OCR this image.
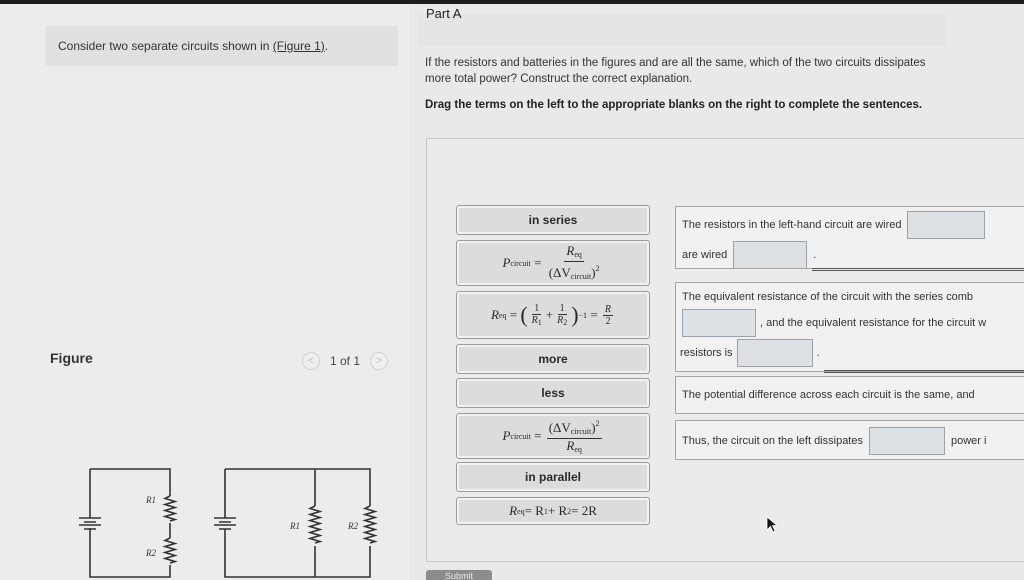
Consider two separate circuits shown in (Figure 1).
Figure	<	1 of 1	>
R1
R2
R1	R2
Part A
If the resistors and batteries in the figures and are all the same, which of the two circuits dissipates more total power? Construct the correct explanation.
Drag the terms on the left to the appropriate blanks on the right to complete the sentences.
in series
P circuit = $\frac{R_{eq}}{(\Delta V_{circuit})^2}$
R eq = ( $\frac{1}{R_1} + \frac{1}{R_2}$ ) −1
=
$\frac{R}{2}$
more
less
P circuit = $\frac{(\Delta V_{circuit})^2}{R_{eq}}$
in parallel
R eq = R 1 + R 2 = 2R
The resistors in the left-hand circuit are wired
are wired	.
The equivalent resistance of the circuit with the series comb
, and the equivalent resistance for the circuit w
resistors is	.
The potential difference across each circuit is the same, and
Thus, the circuit on the left dissipates	power i
Submit
